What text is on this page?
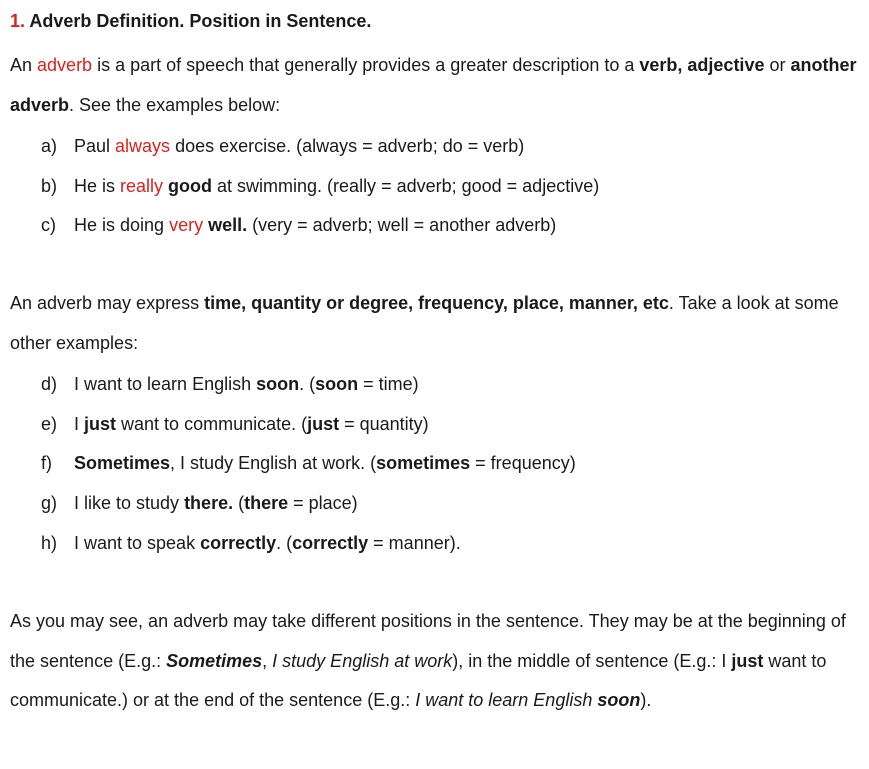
1. Adverb Definition. Position in Sentence.

An adverb is a part of speech that generally provides a greater description to a verb, adjective or another adverb. See the examples below:

a) Paul always does exercise. (always = adverb; do = verb)
b) He is really good at swimming. (really = adverb; good = adjective)
c) He is doing very well. (very = adverb; well = another adverb)

An adverb may express time, quantity or degree, frequency, place, manner, etc. Take a look at some other examples:

d) I want to learn English soon. (soon = time)
e) I just want to communicate. (just = quantity)
f) Sometimes, I study English at work. (sometimes = frequency)
g) I like to study there. (there = place)
h) I want to speak correctly. (correctly = manner).

As you may see, an adverb may take different positions in the sentence. They may be at the beginning of the sentence (E.g.: Sometimes, I study English at work), in the middle of sentence (E.g.: I just want to communicate.) or at the end of the sentence (E.g.: I want to learn English soon).
